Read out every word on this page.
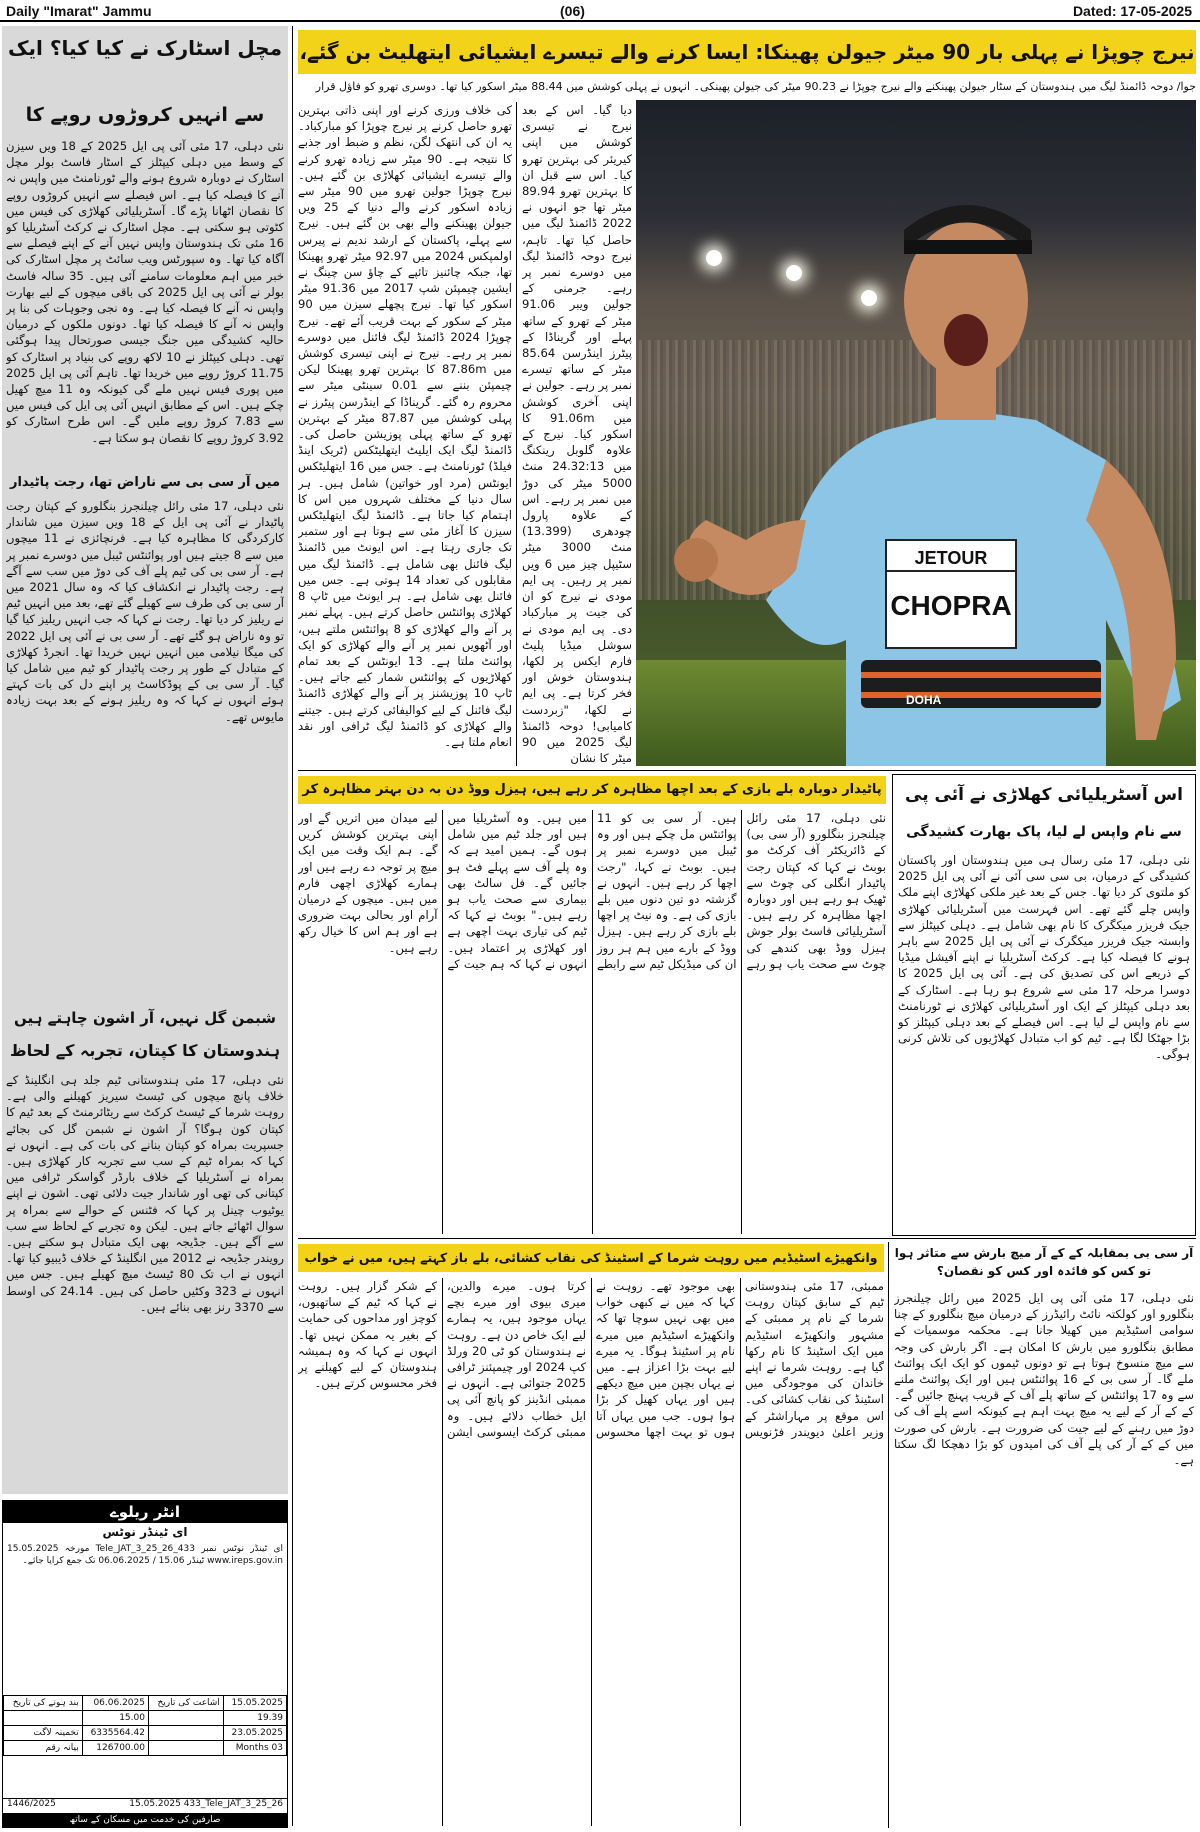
Daily "Imarat" Jammu	(06)	Dated: 17-05-2025
نیرج چوپڑا نے پہلی بار 90 میٹر جیولن پھینکا: ایسا کرنے والے تیسرے ایشیائی ایتھلیٹ بن گئے،
جوا/ دوحہ ڈائمنڈ لیگ میں ہندوستان کے سٹار جیولن پھینکنے والے نیرج چوپڑا نے 90.23 میٹر کی جیولن پھینکی۔ انہوں نے پہلی کوشش میں 88.44 میٹر اسکور کیا تھا۔ دوسری تھرو کو فاؤل قرار
JETOUR
CHOPRA
DOHA
دیا گیا۔ اس کے بعد نیرج نے تیسری کوشش میں اپنی کیریئر کی بہترین تھرو کیا۔ اس سے قبل ان کا بہترین تھرو 89.94 میٹر تھا جو انہوں نے 2022 ڈائمنڈ لیگ میں حاصل کیا تھا۔ تاہم، نیرج دوحہ ڈائمنڈ لیگ میں دوسرے نمبر پر رہے۔ جرمنی کے جولین ویبر 91.06 میٹر کے تھرو کے ساتھ پہلے اور گریناڈا کے پیٹرز اینڈرسن 85.64 میٹر کے ساتھ تیسرے نمبر پر رہے۔ جولین نے اپنی آخری کوشش میں 91.06m کا اسکور کیا۔ نیرج کے علاوہ گلوبل رینکنگ میں 24.32:13 منٹ 5000 میٹر کی دوڑ میں نمبر پر رہے۔ اس کے علاوہ پارول چودھری (13.399) منٹ 3000 میٹر سٹیپل چیز میں 6 ویں نمبر پر رہیں۔ پی ایم مودی نے نیرج کو ان کی جیت پر مبارکباد دی۔ پی ایم مودی نے سوشل میڈیا پلیٹ فارم ایکس پر لکھا، ہندوستان خوش اور فخر کرتا ہے۔ پی ایم نے لکھا، "زبردست کامیابی! دوحہ ڈائمنڈ لیگ 2025 میں 90 میٹر کا نشان
کی خلاف ورزی کرنے اور اپنی ذاتی بہترین تھرو حاصل کرنے پر نیرج چوپڑا کو مبارکباد۔ یہ ان کی انتھک لگن، نظم و ضبط اور جذبے کا نتیجہ ہے۔ 90 میٹر سے زیادہ تھرو کرنے والے تیسرے ایشیائی کھلاڑی بن گئے ہیں۔ نیرج چوپڑا جولین تھرو میں 90 میٹر سے زیادہ اسکور کرنے والے دنیا کے 25 ویں جیولن پھینکنے والے بھی بن گئے ہیں۔ نیرج سے پہلے، پاکستان کے ارشد ندیم نے پیرس اولمپکس 2024 میں 92.97 میٹر تھرو پھینکا تھا، جبکہ چائنیز تائپے کے چاؤ سن چینگ نے ایشین چیمپئن شپ 2017 میں 91.36 میٹر اسکور کیا تھا۔ نیرج پچھلے سیزن میں 90 میٹر کے سکور کے بہت قریب آئے تھے۔ نیرج چوپڑا 2024 ڈائمنڈ لیگ فائنل میں دوسرے نمبر پر رہے۔ نیرج نے اپنی تیسری کوشش میں 87.86m کا بہترین تھرو پھینکا لیکن چیمپئن بننے سے 0.01 سینٹی میٹر سے محروم رہ گئے۔ گریناڈا کے اینڈرسن پیٹرز نے پہلی کوشش میں 87.87 میٹر کے بہترین تھرو کے ساتھ پہلی پوزیشن حاصل کی۔ ڈائمنڈ لیگ ایک ایلیٹ ایتھلیٹکس (ٹریک اینڈ فیلڈ) ٹورنامنٹ ہے۔ جس میں 16 ایتھلیٹکس ایونٹس (مرد اور خواتین) شامل ہیں۔ ہر سال دنیا کے مختلف شہروں میں اس کا اہتمام کیا جاتا ہے۔ ڈائمنڈ لیگ ایتھلیٹکس سیزن کا آغاز مئی سے ہوتا ہے اور ستمبر تک جاری رہتا ہے۔ اس ایونٹ میں ڈائمنڈ لیگ فائنل بھی شامل ہے۔ ڈائمنڈ لیگ میں مقابلوں کی تعداد 14 ہوتی ہے۔ جس میں فائنل بھی شامل ہے۔ ہر ایونٹ میں ٹاپ 8 کھلاڑی پوائنٹس حاصل کرتے ہیں۔ پہلے نمبر پر آنے والے کھلاڑی کو 8 پوائنٹس ملتے ہیں، اور آٹھویں نمبر پر آنے والے کھلاڑی کو ایک پوائنٹ ملتا ہے۔ 13 ایونٹس کے بعد تمام کھلاڑیوں کے پوائنٹس شمار کیے جاتے ہیں۔ ٹاپ 10 پوزیشنز پر آنے والے کھلاڑی ڈائمنڈ لیگ فائنل کے لیے کوالیفائی کرتے ہیں۔ جیتنے والے کھلاڑی کو ڈائمنڈ لیگ ٹرافی اور نقد انعام ملتا ہے۔
مچل اسٹارک نے کیا کیا؟ ایک
سے انہیں کروڑوں روپے کا
نئی دہلی، 17 مئی آئی پی ایل 2025 کے 18 ویں سیزن کے وسط میں دہلی کیپٹلز کے اسٹار فاسٹ بولر مچل اسٹارک نے دوبارہ شروع ہونے والے ٹورنامنٹ میں واپس نہ آنے کا فیصلہ کیا ہے۔ اس فیصلے سے انہیں کروڑوں روپے کا نقصان اٹھانا پڑے گا۔ آسٹریلیائی کھلاڑی کی فیس میں کٹوتی ہو سکتی ہے۔ مچل اسٹارک نے کرکٹ آسٹریلیا کو 16 مئی تک ہندوستان واپس نہیں آنے کے اپنے فیصلے سے آگاہ کیا تھا۔ وہ سپورٹس ویب سائٹ پر مچل اسٹارک کی خبر میں اہم معلومات سامنے آئی ہیں۔ 35 سالہ فاسٹ بولر نے آئی پی ایل 2025 کی باقی میچوں کے لیے بھارت واپس نہ آنے کا فیصلہ کیا ہے۔ وہ نجی وجوہات کی بنا پر واپس نہ آنے کا فیصلہ کیا تھا۔ دونوں ملکوں کے درمیان حالیہ کشیدگی میں جنگ جیسی صورتحال پیدا ہوگئی تھی۔ دہلی کیپٹلز نے 10 لاکھ روپے کی بنیاد پر اسٹارک کو 11.75 کروڑ روپے میں خریدا تھا۔ تاہم آئی پی ایل 2025 میں پوری فیس نہیں ملے گی کیونکہ وہ 11 میچ کھیل چکے ہیں۔ اس کے مطابق انہیں آئی پی ایل کی فیس میں سے 7.83 کروڑ روپے ملیں گے۔ اس طرح اسٹارک کو 3.92 کروڑ روپے کا نقصان ہو سکتا ہے۔
میں آر سی بی سے ناراض تھا، رجت پاٹیدار
نئی دہلی، 17 مئی رائل چیلنجرز بنگلورو کے کپتان رجت پاٹیدار نے آئی پی ایل کے 18 ویں سیزن میں شاندار کارکردگی کا مظاہرہ کیا ہے۔ فرنچائزی نے 11 میچوں میں سے 8 جیتے ہیں اور پوائنٹس ٹیبل میں دوسرے نمبر پر ہے۔ آر سی بی کی ٹیم پلے آف کی دوڑ میں سب سے آگے ہے۔ رجت پاٹیدار نے انکشاف کیا کہ وہ سال 2021 میں آر سی بی کی طرف سے کھیلے گئے تھے، بعد میں انہیں ٹیم نے ریلیز کر دیا تھا۔ رجت نے کہا کہ جب انہیں ریلیز کیا گیا تو وہ ناراض ہو گئے تھے۔ آر سی بی نے آئی پی ایل 2022 کی میگا نیلامی میں انہیں نہیں خریدا تھا۔ انجرڈ کھلاڑی کے متبادل کے طور پر رجت پاٹیدار کو ٹیم میں شامل کیا گیا۔ آر سی بی کے پوڈکاسٹ پر اپنے دل کی بات کہتے ہوئے انہوں نے کہا کہ وہ ریلیز ہونے کے بعد بہت زیادہ مایوس تھے۔
شبمن گل نہیں، آر اشون چاہتے ہیں
ہندوستان کا کپتان، تجربہ کے لحاظ
نئی دہلی، 17 مئی ہندوستانی ٹیم جلد ہی انگلینڈ کے خلاف پانچ میچوں کی ٹیسٹ سیریز کھیلنے والی ہے۔ روہت شرما کے ٹیسٹ کرکٹ سے ریٹائرمنٹ کے بعد ٹیم کا کپتان کون ہوگا؟ آر اشون نے شبمن گل کی بجائے جسپریت بمراہ کو کپتان بنانے کی بات کی ہے۔ انہوں نے کہا کہ بمراہ ٹیم کے سب سے تجربہ کار کھلاڑی ہیں۔ بمراہ نے آسٹریلیا کے خلاف بارڈر گواسکر ٹرافی میں کپتانی کی تھی اور شاندار جیت دلائی تھی۔ اشون نے اپنے یوٹیوب چینل پر کہا کہ فٹنس کے حوالے سے بمراہ پر سوال اٹھائے جاتے ہیں۔ لیکن وہ تجربے کے لحاظ سے سب سے آگے ہیں۔ جڈیجہ بھی ایک متبادل ہو سکتے ہیں۔ رویندر جڈیجہ نے 2012 میں انگلینڈ کے خلاف ڈیبیو کیا تھا۔ انہوں نے اب تک 80 ٹیسٹ میچ کھیلے ہیں۔ جس میں انہوں نے 323 وکٹیں حاصل کی ہیں۔ 24.14 کی اوسط سے 3370 رنز بھی بنائے ہیں۔
انٹر ریلوے
ای ٹینڈر نوٹس
ای ٹینڈر نوٹس نمبر 433_Tele_JAT_3_25_26 مورخہ 15.05.2025 www.ireps.gov.in ٹینڈر 15.06 / 06.06.2025 تک جمع کرایا جائے۔
15.05.2025	اشاعت کی تاریخ	06.06.2025	بند ہونے کی تاریخ
19.39		15.00	
23.05.2025		6335564.42	تخمینہ لاگت
03 Months		126700.00	بیانہ رقم
1446/2025	15.05.2025 433_Tele_JAT_3_25_26
صارفین کی خدمت میں مسکان کے ساتھ
اس آسٹریلیائی کھلاڑی نے آئی پی
سے نام واپس لے لیا، پاک بھارت کشیدگی
نئی دہلی، 17 مئی رسال ہی میں ہندوستان اور پاکستان کشیدگی کے درمیان، بی سی سی آئی نے آئی پی ایل 2025 کو ملتوی کر دیا تھا۔ جس کے بعد غیر ملکی کھلاڑی اپنے ملک واپس چلے گئے تھے۔ اس فہرست میں آسٹریلیائی کھلاڑی جیک فریزر میکگرک کا نام بھی شامل ہے۔ دہلی کیپٹلز سے وابستہ جیک فریزر میکگرک نے آئی پی ایل 2025 سے باہر ہونے کا فیصلہ کیا ہے۔ کرکٹ آسٹریلیا نے اپنے آفیشل میڈیا کے ذریعے اس کی تصدیق کی ہے۔ آئی پی ایل 2025 کا دوسرا مرحلہ 17 مئی سے شروع ہو رہا ہے۔ اسٹارک کے بعد دہلی کیپٹلز کے ایک اور آسٹریلیائی کھلاڑی نے ٹورنامنٹ سے نام واپس لے لیا ہے۔ اس فیصلے کے بعد دہلی کیپٹلز کو بڑا جھٹکا لگا ہے۔ ٹیم کو اب متبادل کھلاڑیوں کی تلاش کرنی ہوگی۔
پاٹیدار دوبارہ بلے بازی کے بعد اچھا مظاہرہ کر رہے ہیں، ہیزل ووڈ دن بہ دن بہتر مظاہرہ کر
نئی دہلی، 17 مئی رائل چیلنجرز بنگلورو (آر سی بی) کے ڈائریکٹر آف کرکٹ مو بوبٹ نے کہا کہ کپتان رجت پاٹیدار انگلی کی چوٹ سے ٹھیک ہو رہے ہیں اور دوبارہ اچھا مظاہرہ کر رہے ہیں۔ آسٹریلیائی فاسٹ بولر جوش ہیزل ووڈ بھی کندھے کی چوٹ سے صحت یاب ہو رہے ہیں۔ آر سی بی کو 11 پوائنٹس مل چکے ہیں اور وہ ٹیبل میں دوسرے نمبر پر ہیں۔ بوبٹ نے کہا، "رجت اچھا کر رہے ہیں۔ انہوں نے گزشتہ دو تین دنوں میں بلے بازی کی ہے۔ وہ نیٹ پر اچھا بلے بازی کر رہے ہیں۔ ہیزل ووڈ کے بارے میں ہم ہر روز ان کی میڈیکل ٹیم سے رابطے میں ہیں۔ وہ آسٹریلیا میں ہیں اور جلد ٹیم میں شامل ہوں گے۔ ہمیں امید ہے کہ وہ پلے آف سے پہلے فٹ ہو جائیں گے۔ فل سالٹ بھی بیماری سے صحت یاب ہو رہے ہیں۔" بوبٹ نے کہا کہ ٹیم کی تیاری بہت اچھی ہے اور کھلاڑی پر اعتماد ہیں۔ انہوں نے کہا کہ ہم جیت کے لیے میدان میں اتریں گے اور اپنی بہترین کوشش کریں گے۔ ہم ایک وقت میں ایک میچ پر توجہ دے رہے ہیں اور ہمارے کھلاڑی اچھی فارم میں ہیں۔ میچوں کے درمیان آرام اور بحالی بہت ضروری ہے اور ہم اس کا خیال رکھ رہے ہیں۔
آر سی بی بمقابلہ کے کے آر میچ بارش سے متاثر ہوا تو کس کو فائدہ اور کس کو نقصان؟
نئی دہلی، 17 مئی آئی پی ایل 2025 میں رائل چیلنجرز بنگلورو اور کولکتہ نائٹ رائیڈرز کے درمیان میچ بنگلورو کے چنا سوامی اسٹیڈیم میں کھیلا جانا ہے۔ محکمہ موسمیات کے مطابق بنگلورو میں بارش کا امکان ہے۔ اگر بارش کی وجہ سے میچ منسوخ ہوتا ہے تو دونوں ٹیموں کو ایک ایک پوائنٹ ملے گا۔ آر سی بی کے 16 پوائنٹس ہیں اور ایک پوائنٹ ملنے سے وہ 17 پوائنٹس کے ساتھ پلے آف کے قریب پہنچ جائیں گے۔ کے کے آر کے لیے یہ میچ بہت اہم ہے کیونکہ اسے پلے آف کی دوڑ میں رہنے کے لیے جیت کی ضرورت ہے۔ بارش کی صورت میں کے کے آر کی پلے آف کی امیدوں کو بڑا دھچکا لگ سکتا ہے۔
وانکھیڑے اسٹیڈیم میں روہت شرما کے اسٹینڈ کی نقاب کشائی، بلے باز کہتے ہیں، میں نے خواب
ممبئی، 17 مئی ہندوستانی ٹیم کے سابق کپتان روہت شرما کے نام پر ممبئی کے مشہور وانکھیڑے اسٹیڈیم میں ایک اسٹینڈ کا نام رکھا گیا ہے۔ روہت شرما نے اپنے خاندان کی موجودگی میں اسٹینڈ کی نقاب کشائی کی۔ اس موقع پر مہاراشٹر کے وزیر اعلیٰ دیویندر فڑنویس بھی موجود تھے۔ روہت نے کہا کہ میں نے کبھی خواب میں بھی نہیں سوچا تھا کہ وانکھیڑے اسٹیڈیم میں میرے نام پر اسٹینڈ ہوگا۔ یہ میرے لیے بہت بڑا اعزاز ہے۔ میں نے یہاں بچپن میں میچ دیکھے ہیں اور یہاں کھیل کر بڑا ہوا ہوں۔ جب میں یہاں آتا ہوں تو بہت اچھا محسوس کرتا ہوں۔ میرے والدین، میری بیوی اور میرے بچے یہاں موجود ہیں، یہ ہمارے لیے ایک خاص دن ہے۔ روہت نے ہندوستان کو ٹی 20 ورلڈ کپ 2024 اور چیمپئنز ٹرافی 2025 جتوائی ہے۔ انہوں نے ممبئی انڈینز کو پانچ آئی پی ایل خطاب دلائے ہیں۔ وہ ممبئی کرکٹ ایسوسی ایشن کے شکر گزار ہیں۔ روہت نے کہا کہ ٹیم کے ساتھیوں، کوچز اور مداحوں کی حمایت کے بغیر یہ ممکن نہیں تھا۔ انہوں نے کہا کہ وہ ہمیشہ ہندوستان کے لیے کھیلنے پر فخر محسوس کرتے ہیں۔
